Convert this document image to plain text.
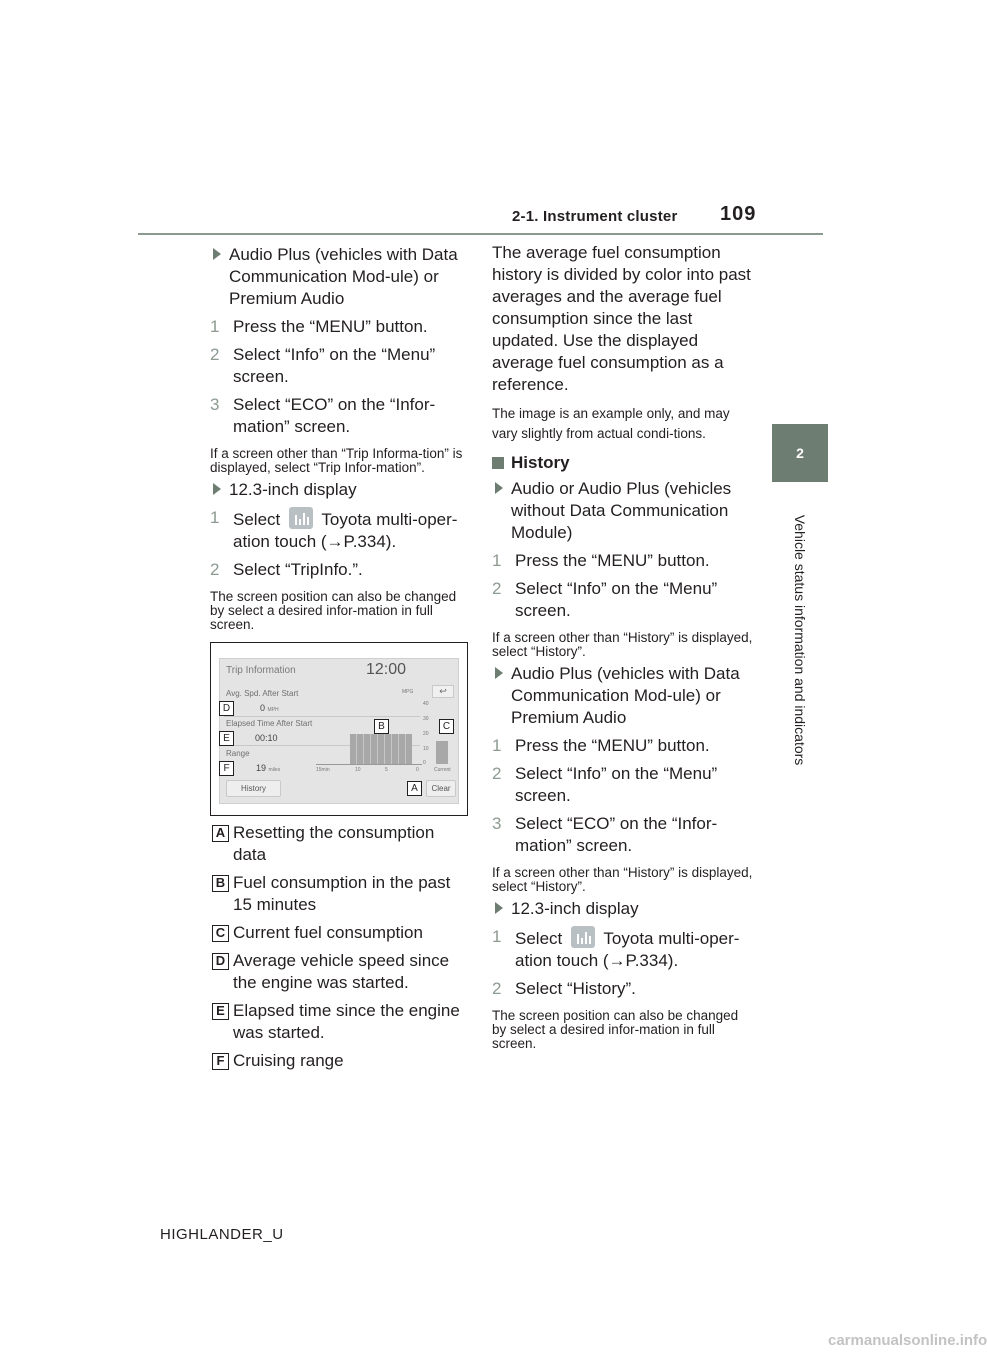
2-1. Instrument cluster 109
2
Vehicle status information and indicators
Audio Plus (vehicles with Data Communication Mod-ule) or Premium Audio
1 Press the “MENU” button.
2 Select “Info” on the “Menu” screen.
3 Select “ECO” on the “Infor-mation” screen.
If a screen other than “Trip Informa-tion” is displayed, select “Trip Infor-mation”.
12.3-inch display
1 Select Toyota multi-oper-ation touch (→P.334).
2 Select “TripInfo.”.
The screen position can also be changed by select a desired infor-mation in full screen.
Trip Information	12:00
↩
MPG
Avg. Spd. After Start
0 MPH
Elapsed Time After Start
00:10
Range
19 miles
40
30
20
10
0
15min	10	5	0	Current
History	Clear
A
B	C
D
E
F
A Resetting the consumption data
B Fuel consumption in the past 15 minutes
C Current fuel consumption
D Average vehicle speed since the engine was started.
E Elapsed time since the engine was started.
F Cruising range
The average fuel consumption history is divided by color into past averages and the average fuel consumption since the last updated. Use the displayed average fuel consumption as a reference.
The image is an example only, and may vary slightly from actual condi-tions.
History
Audio or Audio Plus (vehicles without Data Communication Module)
1 Press the “MENU” button.
2 Select “Info” on the “Menu” screen.
If a screen other than “History” is displayed, select “History”.
Audio Plus (vehicles with Data Communication Mod-ule) or Premium Audio
1 Press the “MENU” button.
2 Select “Info” on the “Menu” screen.
3 Select “ECO” on the “Infor-mation” screen.
If a screen other than “History” is displayed, select “History”.
12.3-inch display
1 Select Toyota multi-oper-ation touch (→P.334).
2 Select “History”.
The screen position can also be changed by select a desired infor-mation in full screen.
HIGHLANDER_U
carmanualsonline.info
